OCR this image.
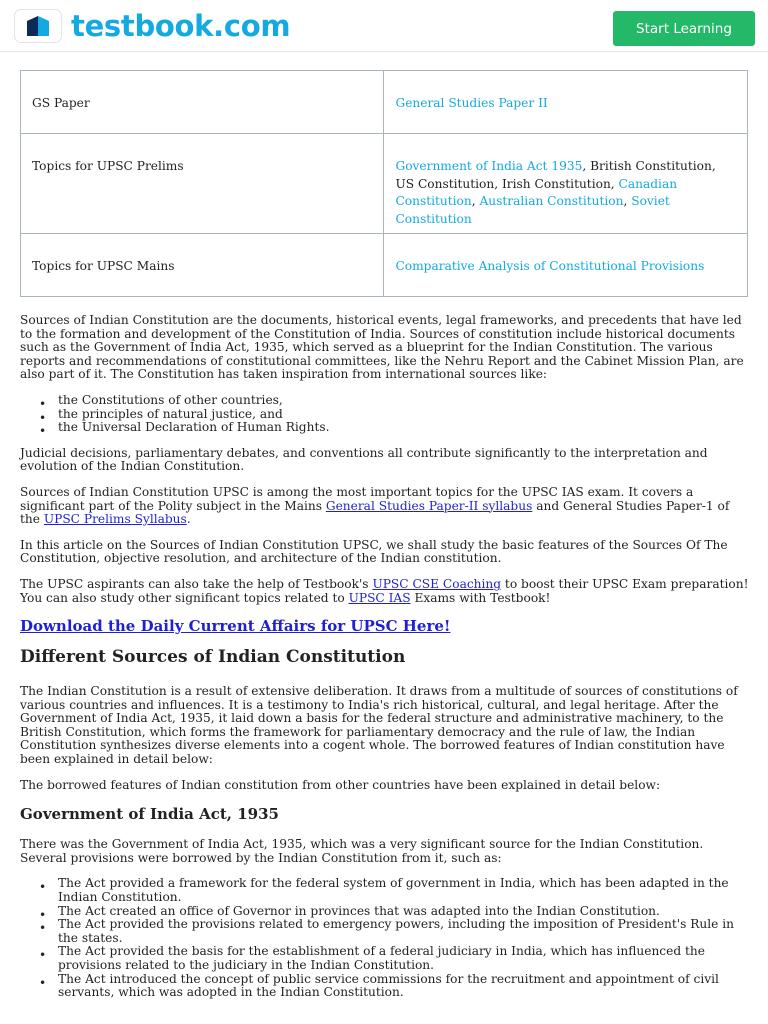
testbook.com	Start Learning
GS Paper	General Studies Paper II
Topics for UPSC Prelims	Government of India Act 1935, British Constitution, US Constitution, Irish Constitution, Canadian Constitution, Australian Constitution, Soviet Constitution
Topics for UPSC Mains	Comparative Analysis of Constitutional Provisions

Sources of Indian Constitution are the documents, historical events, legal frameworks, and precedents that have led to the formation and development of the Constitution of India. Sources of constitution include historical documents such as the Government of India Act, 1935, which served as a blueprint for the Indian Constitution. The various reports and recommendations of constitutional committees, like the Nehru Report and the Cabinet Mission Plan, are also part of it. The Constitution has taken inspiration from international sources like:

• the Constitutions of other countries,
• the principles of natural justice, and
• the Universal Declaration of Human Rights.

Judicial decisions, parliamentary debates, and conventions all contribute significantly to the interpretation and evolution of the Indian Constitution.

Sources of Indian Constitution UPSC is among the most important topics for the UPSC IAS exam. It covers a significant part of the Polity subject in the Mains General Studies Paper-II syllabus and General Studies Paper-1 of the UPSC Prelims Syllabus.

In this article on the Sources of Indian Constitution UPSC, we shall study the basic features of the Sources Of The Constitution, objective resolution, and architecture of the Indian constitution.

The UPSC aspirants can also take the help of Testbook's UPSC CSE Coaching to boost their UPSC Exam preparation! You can also study other significant topics related to UPSC IAS Exams with Testbook!

Download the Daily Current Affairs for UPSC Here!

Different Sources of Indian Constitution

The Indian Constitution is a result of extensive deliberation. It draws from a multitude of sources of constitutions of various countries and influences. It is a testimony to India's rich historical, cultural, and legal heritage. After the Government of India Act, 1935, it laid down a basis for the federal structure and administrative machinery, to the British Constitution, which forms the framework for parliamentary democracy and the rule of law, the Indian Constitution synthesizes diverse elements into a cogent whole. The borrowed features of Indian constitution have been explained in detail below:

The borrowed features of Indian constitution from other countries have been explained in detail below:

Government of India Act, 1935

There was the Government of India Act, 1935, which was a very significant source for the Indian Constitution. Several provisions were borrowed by the Indian Constitution from it, such as:

• The Act provided a framework for the federal system of government in India, which has been adapted in the Indian Constitution.
• The Act created an office of Governor in provinces that was adapted into the Indian Constitution.
• The Act provided the provisions related to emergency powers, including the imposition of President's Rule in the states.
• The Act provided the basis for the establishment of a federal judiciary in India, which has influenced the provisions related to the judiciary in the Indian Constitution.
• The Act introduced the concept of public service commissions for the recruitment and appointment of civil servants, which was adopted in the Indian Constitution.
